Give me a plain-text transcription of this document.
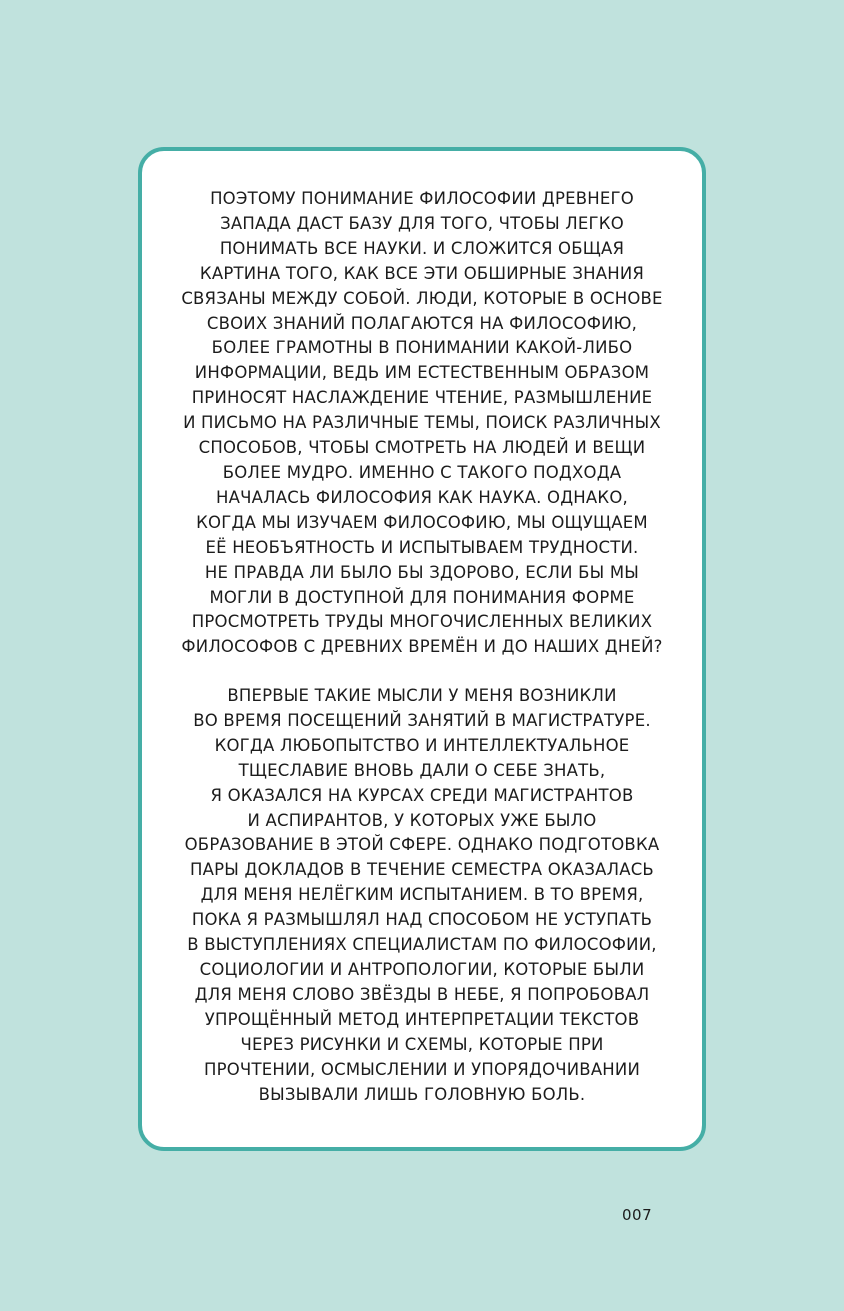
ПОЭТОМУ ПОНИМАНИЕ ФИЛОСОФИИ ДРЕВНЕГО
ЗАПАДА ДАСТ БАЗУ ДЛЯ ТОГО, ЧТОБЫ ЛЕГКО
ПОНИМАТЬ ВСЕ НАУКИ. И СЛОЖИТСЯ ОБЩАЯ
КАРТИНА ТОГО, КАК ВСЕ ЭТИ ОБШИРНЫЕ ЗНАНИЯ
СВЯЗАНЫ МЕЖДУ СОБОЙ. ЛЮДИ, КОТОРЫЕ В ОСНОВЕ
СВОИХ ЗНАНИЙ ПОЛАГАЮТСЯ НА ФИЛОСОФИЮ,
БОЛЕЕ ГРАМОТНЫ В ПОНИМАНИИ КАКОЙ-ЛИБО
ИНФОРМАЦИИ, ВЕДЬ ИМ ЕСТЕСТВЕННЫМ ОБРАЗОМ
ПРИНОСЯТ НАСЛАЖДЕНИЕ ЧТЕНИЕ, РАЗМЫШЛЕНИЕ
И ПИСЬМО НА РАЗЛИЧНЫЕ ТЕМЫ, ПОИСК РАЗЛИЧНЫХ
СПОСОБОВ, ЧТОБЫ СМОТРЕТЬ НА ЛЮДЕЙ И ВЕЩИ
БОЛЕЕ МУДРО. ИМЕННО С ТАКОГО ПОДХОДА
НАЧАЛАСЬ ФИЛОСОФИЯ КАК НАУКА. ОДНАКО,
КОГДА МЫ ИЗУЧАЕМ ФИЛОСОФИЮ, МЫ ОЩУЩАЕМ
ЕЁ НЕОБЪЯТНОСТЬ И ИСПЫТЫВАЕМ ТРУДНОСТИ.
НЕ ПРАВДА ЛИ БЫЛО БЫ ЗДОРОВО, ЕСЛИ БЫ МЫ
МОГЛИ В ДОСТУПНОЙ ДЛЯ ПОНИМАНИЯ ФОРМЕ
ПРОСМОТРЕТЬ ТРУДЫ МНОГОЧИСЛЕННЫХ ВЕЛИКИХ
ФИЛОСОФОВ С ДРЕВНИХ ВРЕМЁН И ДО НАШИХ ДНЕЙ?
ВПЕРВЫЕ ТАКИЕ МЫСЛИ У МЕНЯ ВОЗНИКЛИ
ВО ВРЕМЯ ПОСЕЩЕНИЙ ЗАНЯТИЙ В МАГИСТРАТУРЕ.
КОГДА ЛЮБОПЫТСТВО И ИНТЕЛЛЕКТУАЛЬНОЕ
ТЩЕСЛАВИЕ ВНОВЬ ДАЛИ О СЕБЕ ЗНАТЬ,
Я ОКАЗАЛСЯ НА КУРСАХ СРЕДИ МАГИСТРАНТОВ
И АСПИРАНТОВ, У КОТОРЫХ УЖЕ БЫЛО
ОБРАЗОВАНИЕ В ЭТОЙ СФЕРЕ. ОДНАКО ПОДГОТОВКА
ПАРЫ ДОКЛАДОВ В ТЕЧЕНИЕ СЕМЕСТРА ОКАЗАЛАСЬ
ДЛЯ МЕНЯ НЕЛЁГКИМ ИСПЫТАНИЕМ. В ТО ВРЕМЯ,
ПОКА Я РАЗМЫШЛЯЛ НАД СПОСОБОМ НЕ УСТУПАТЬ
В ВЫСТУПЛЕНИЯХ СПЕЦИАЛИСТАМ ПО ФИЛОСОФИИ,
СОЦИОЛОГИИ И АНТРОПОЛОГИИ, КОТОРЫЕ БЫЛИ
ДЛЯ МЕНЯ СЛОВО ЗВЁЗДЫ В НЕБЕ, Я ПОПРОБОВАЛ
УПРОЩЁННЫЙ МЕТОД ИНТЕРПРЕТАЦИИ ТЕКСТОВ
ЧЕРЕЗ РИСУНКИ И СХЕМЫ, КОТОРЫЕ ПРИ
ПРОЧТЕНИИ, ОСМЫСЛЕНИИ И УПОРЯДОЧИВАНИИ
ВЫЗЫВАЛИ ЛИШЬ ГОЛОВНУЮ БОЛЬ.
007
